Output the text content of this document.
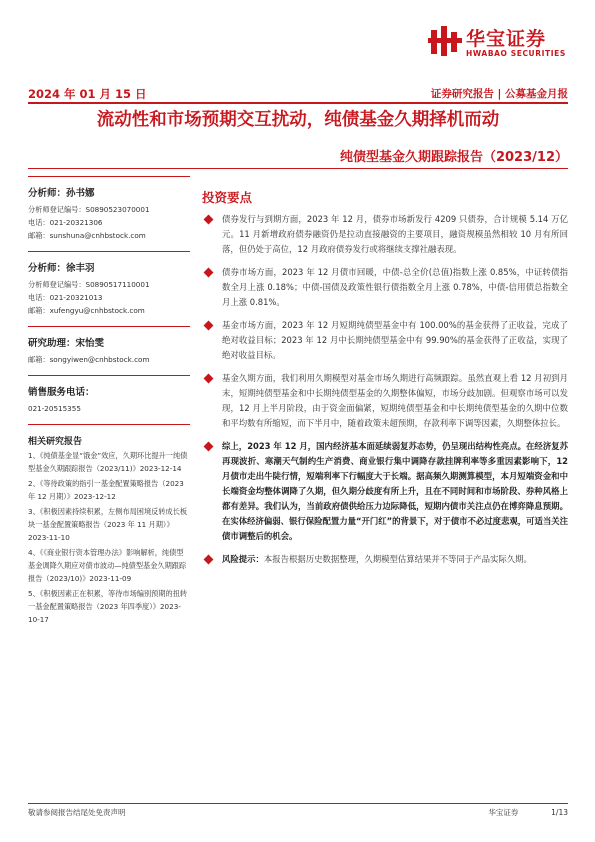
华宝证券
HWABAO SECURITIES
2024 年 01 月 15 日	证券研究报告 | 公募基金月报
流动性和市场预期交互扰动，纯债基金久期择机而动
纯债型基金久期跟踪报告（2023/12）
分析师：孙书娜
分析师登记编号：S0890523070001
电话：021-20321306
邮箱：sunshuna@cnhbstock.com
分析师：徐丰羽
分析师登记编号：S0890517110001
电话：021-20321013
邮箱：xufengyu@cnhbstock.com
研究助理：宋怡雯
邮箱：songyiwen@cnhbstock.com
销售服务电话：
021-20515355
相关研究报告
1、《纯债基金显“饿金”效应，久期环比提升一纯债型基金久期跟踪报告（2023/11)》2023-12-14
2、《等待政策的指引一基金配置策略报告（2023 年 12 月期）》2023-12-12
3、《积极因素持续积累，左侧布局困境反转成长板块一基金配置策略报告（2023 年 11 月期）》2023-11-10
4、《《商业银行资本管理办法》影响解析，纯债型基金调降久期应对债市波动—纯债型基金久期跟踪报告（2023/10)》2023-11-09
5、《积极因素正在积累，等待市场编别预期的扭转一基金配置策略报告（2023 年四季度）》2023-10-17
投资要点
债券发行与到期方面，2023 年 12 月，债券市场新发行 4209 只债券，合计规模 5.14 万亿元。11 月新增政府债券融资仍是拉动直接融资的主要项目，融资规模虽然相较 10 月有所回落，但仍处于高位，12 月政府债券发行或将继续支撑社融表现。
债券市场方面，2023 年 12 月债市回暖，中债-总全价(总值)指数上涨 0.85%，中证转债指数全月上涨 0.18%；中债-国债及政策性银行债指数全月上涨 0.78%，中债-信用债总指数全月上涨 0.81%。
基金市场方面，2023 年 12 月短期纯债型基金中有 100.00%的基金获得了正收益，完成了绝对收益目标；2023 年 12 月中长期纯债型基金中有 99.90%的基金获得了正收益，实现了绝对收益目标。
基金久期方面，我们利用久期模型对基金市场久期进行高频跟踪。虽然直观上看 12 月初到月末，短期纯债型基金和中长期纯债型基金的久期整体偏短，市场分歧加剧。但观察市场可以发现，12 月上半月阶段，由于资金面偏紧，短期纯债型基金和中长期纯债型基金的久期中位数和平均数有所缩短，而下半月中，随着政策未超预期，存款利率下调等因素，久期整体拉长。
综上，2023 年 12 月，国内经济基本面延续弱复苏态势，仍呈现出结构性亮点。在经济复苏再现波折、寒潮天气制约生产消费、商业银行集中调降存款挂牌利率等多重因素影响下，12 月债市走出牛陡行情，短端利率下行幅度大于长端。据高频久期测算模型，本月短端资金和中长端资金均整体调降了久期，但久期分歧度有所上升，且在不同时间和市场阶段、券种风格上都有差异。我们认为，当前政府债供给压力边际降低，短期内债市关注点仍在博弈降息预期。在实体经济偏弱、银行保险配置力量“开门红”的背景下，对于债市不必过度悲观，可适当关注债市调整后的机会。
风险提示：本报告根据历史数据整理，久期模型估算结果并不等同于产品实际久期。
敬请参阅报告结尾处免责声明	华宝证券	1/13
